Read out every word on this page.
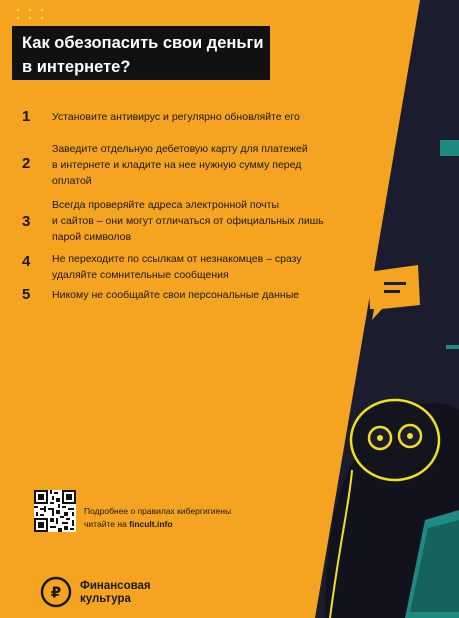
Как обезопасить свои деньги
в интернете?
1 Установите антивирус и регулярно обновляйте его
2
Заведите отдельную дебетовую карту для платежей
в интернете и кладите на нее нужную сумму перед
оплатой
3
Всегда проверяйте адреса электронной почты
и сайтов – они могут отличаться от официальных лишь
парой символов
4 Не переходите по ссылкам от незнакомцев – сразу
удаляйте сомнительные сообщения
5 Никому не сообщайте свои персональные данные
Подробнее о правилах кибергигиены
читайте на fincult.info
₽ Финансовая
культура
